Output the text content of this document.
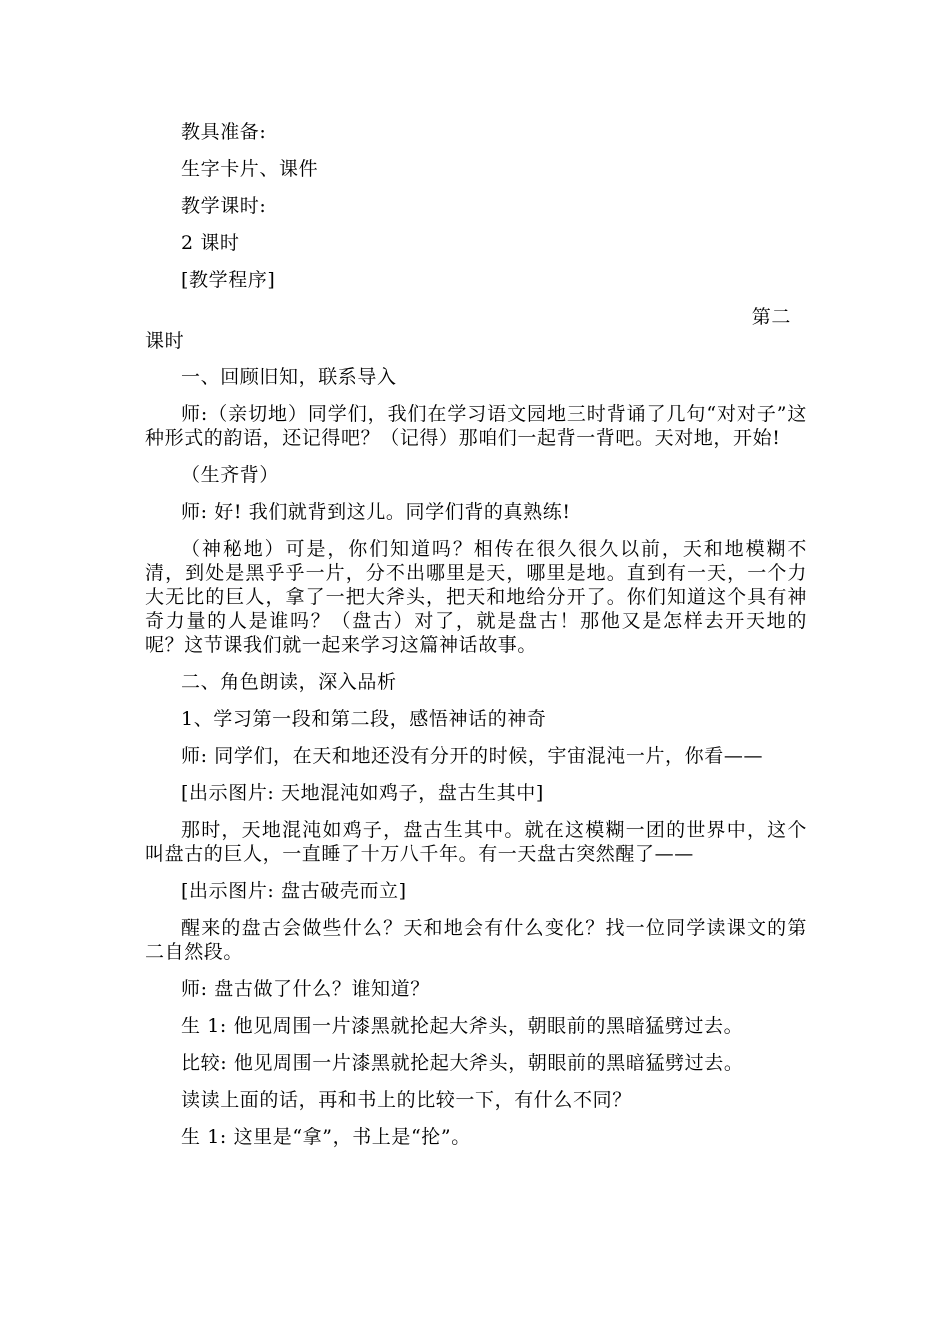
教具准备:

生字卡片、课件

教学课时:

2 课时

[教学程序]

第二

课时

一、回顾旧知，联系导入

师:（亲切地）同学们，我们在学习语文园地三时背诵了几句“对对子”这种形式的韵语，还记得吧？（记得）那咱们一起背一背吧。天对地，开始!

（生齐背）

师: 好! 我们就背到这儿。同学们背的真熟练!

（神秘地）可是，你们知道吗？相传在很久很久以前，天和地模糊不清，到处是黑乎乎一片，分不出哪里是天，哪里是地。直到有一天，一个力大无比的巨人，拿了一把大斧头，把天和地给分开了。你们知道这个具有神奇力量的人是谁吗？（盘古）对了，就是盘古！那他又是怎样去开天地的呢？这节课我们就一起来学习这篇神话故事。

二、角色朗读，深入品析

1、学习第一段和第二段，感悟神话的神奇

师: 同学们，在天和地还没有分开的时候，宇宙混沌一片，你看——

[出示图片: 天地混沌如鸡子，盘古生其中]

那时，天地混沌如鸡子，盘古生其中。就在这模糊一团的世界中，这个叫盘古的巨人，一直睡了十万八千年。有一天盘古突然醒了——

[出示图片: 盘古破壳而立]

醒来的盘古会做些什么？天和地会有什么变化？找一位同学读课文的第二自然段。

师: 盘古做了什么？谁知道？

生 1: 他见周围一片漆黑就抡起大斧头，朝眼前的黑暗猛劈过去。

比较: 他见周围一片漆黑就抡起大斧头，朝眼前的黑暗猛劈过去。

读读上面的话，再和书上的比较一下，有什么不同？

生 1: 这里是“拿”，书上是“抡”。
